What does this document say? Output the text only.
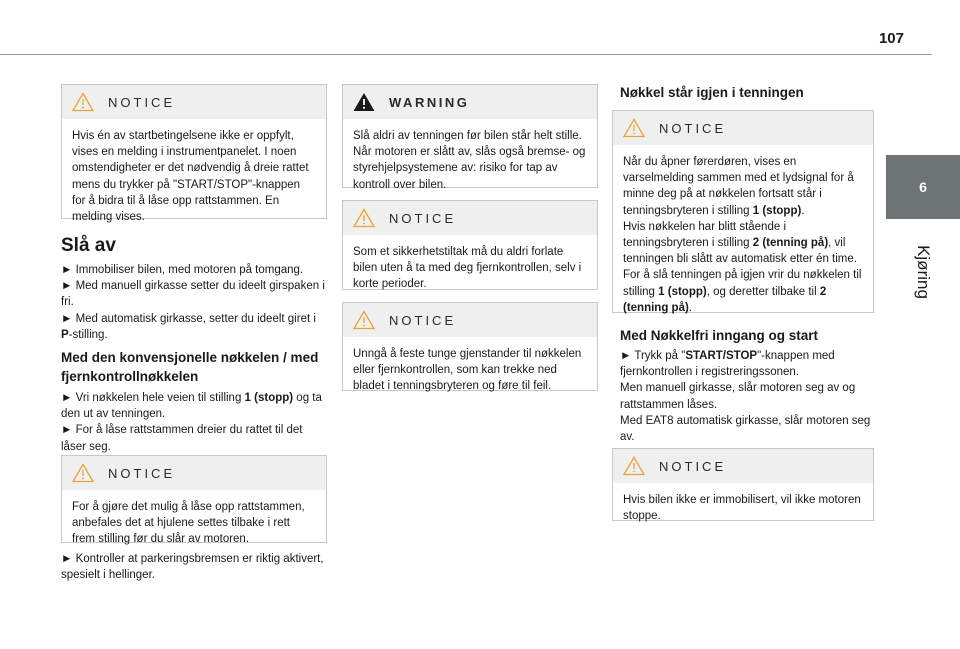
107
6
Kjøring
NOTICE
Hvis én av startbetingelsene ikke er oppfylt, vises en melding i instrumentpanelet. I noen omstendigheter er det nødvendig å dreie rattet mens du trykker på "START/STOP"-knappen for å bidra til å låse opp rattstammen. En melding vises.
Slå av
► Immobiliser bilen, med motoren på tomgang.
► Med manuell girkasse setter du ideelt girspaken i fri.
► Med automatisk girkasse, setter du ideelt giret i P-stilling.
Med den konvensjonelle nøkkelen / med fjernkontrollnøkkelen
► Vri nøkkelen hele veien til stilling 1 (stopp) og ta den ut av tenningen.
► For å låse rattstammen dreier du rattet til det låser seg.
NOTICE
For å gjøre det mulig å låse opp rattstammen, anbefales det at hjulene settes tilbake i rett frem stilling før du slår av motoren.
► Kontroller at parkeringsbremsen er riktig aktivert, spesielt i hellinger.
WARNING
Slå aldri av tenningen før bilen står helt stille. Når motoren er slått av, slås også bremse- og styrehjelpsystemene av: risiko for tap av kontroll over bilen.
NOTICE
Som et sikkerhetstiltak må du aldri forlate bilen uten å ta med deg fjernkontrollen, selv i korte perioder.
NOTICE
Unngå å feste tunge gjenstander til nøkkelen eller fjernkontrollen, som kan trekke ned bladet i tenningsbryteren og føre til feil.
Nøkkel står igjen i tenningen
NOTICE
Når du åpner førerdøren, vises en varselmelding sammen med et lydsignal for å minne deg på at nøkkelen fortsatt står i tenningsbryteren i stilling 1 (stopp).
Hvis nøkkelen har blitt stående i tenningsbryteren i stilling 2 (tenning på), vil tenningen bli slått av automatisk etter én time.
For å slå tenningen på igjen vrir du nøkkelen til stilling 1 (stopp), og deretter tilbake til 2 (tenning på).
Med Nøkkelfri inngang og start
► Trykk på "START/STOP"-knappen med fjernkontrollen i registreringssonen.
Men manuell girkasse, slår motoren seg av og rattstammen låses.
Med EAT8 automatisk girkasse, slår motoren seg av.
NOTICE
Hvis bilen ikke er immobilisert, vil ikke motoren stoppe.
